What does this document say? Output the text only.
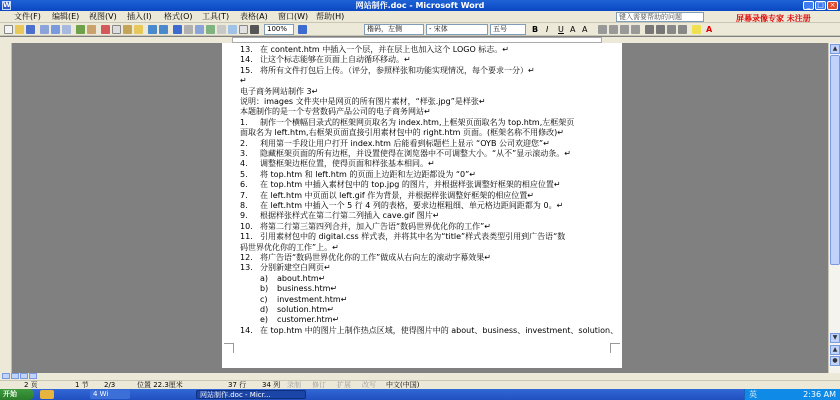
W	网站制作.doc - Microsoft Word	_ □ ×
文件(F) 编辑(E) 视图(V) 插入(I) 格式(O) 工具(T) 表格(A) 窗口(W) 帮助(H)	键入需要帮助的问题	屏幕录像专家 未注册
100%	楷码，左侧	- 宋体	五号	B I U A A	A
13. 在 content.htm 中插入一个层，并在层上也加入这个 LOGO 标志。↵
14. 让这个标志能够在页面上自动循环移动。↵
15. 将所有文件打包后上传。（评分，参照样张和功能实现情况，每个要求一分）↵
↵
电子商务网站制作 3↵
说明：images 文件夹中是网页的所有图片素材，“样张.jpg”是样张↵
本题制作的是一个专营数码产品公司的电子商务网站↵
1. 制作一个横幅目录式的框架网页取名为 index.htm,上框架页面取名为 top.htm,左框架页
面取名为 left.htm,右框架页面直接引用素材包中的 right.htm 页面。(框架名称不用修改)↵
2. 利用第一手段让用户打开 index.htm 后能看到标题栏上显示 “OYB 公司欢迎您”↵
3. 隐藏框架页面的所有边框，并设置使得在浏览器中不可调整大小。“从不”显示滚动条。↵
4. 调整框架边框位置，使得页面和样张基本相同。↵
5. 将 top.htm 和 left.htm 的页面上边距和左边距都设为 “0”↵
6. 在 top.htm 中插入素材包中的 top.jpg 的图片，并根据样张调整好框架的相应位置↵
7. 在 left.htm 中页面以 left.gif 作为背景，并根据样张调整好框架的相应位置↵
8. 在 left.htm 中插入一个 5 行 4 列的表格，要求边框粗细、单元格边距间距都为 0。↵
9. 根据样张样式在第二行第二列插入 cave.gif 图片↵
10. 将第二行第三第四列合并，加入广告语“数码世界优化你的工作”↵
11. 引用素材包中的 digital.css 样式表，并将其中名为“title”样式表类型引用到广告语“数
码世界优化你的工作”上。↵
12. 将广告语“数码世界优化你的工作”做成从右向左的滚动字幕效果↵
13. 分别新建空白网页↵
a) about.htm↵
b) business.htm↵
c) investment.htm↵
d) solution.htm↵
e) customer.htm↵
14. 在 top.htm 中的图片上制作热点区域，使得图片中的 about、business、investment、solution、
▲
▼
▲
●
2 页	1 节 2/3	位置 22.3厘米	37 行 34 列 录制 修订 扩展 改写 中文(中国)
开始	4 Wi	网站制作.doc - Micr...	英	2:36 AM
